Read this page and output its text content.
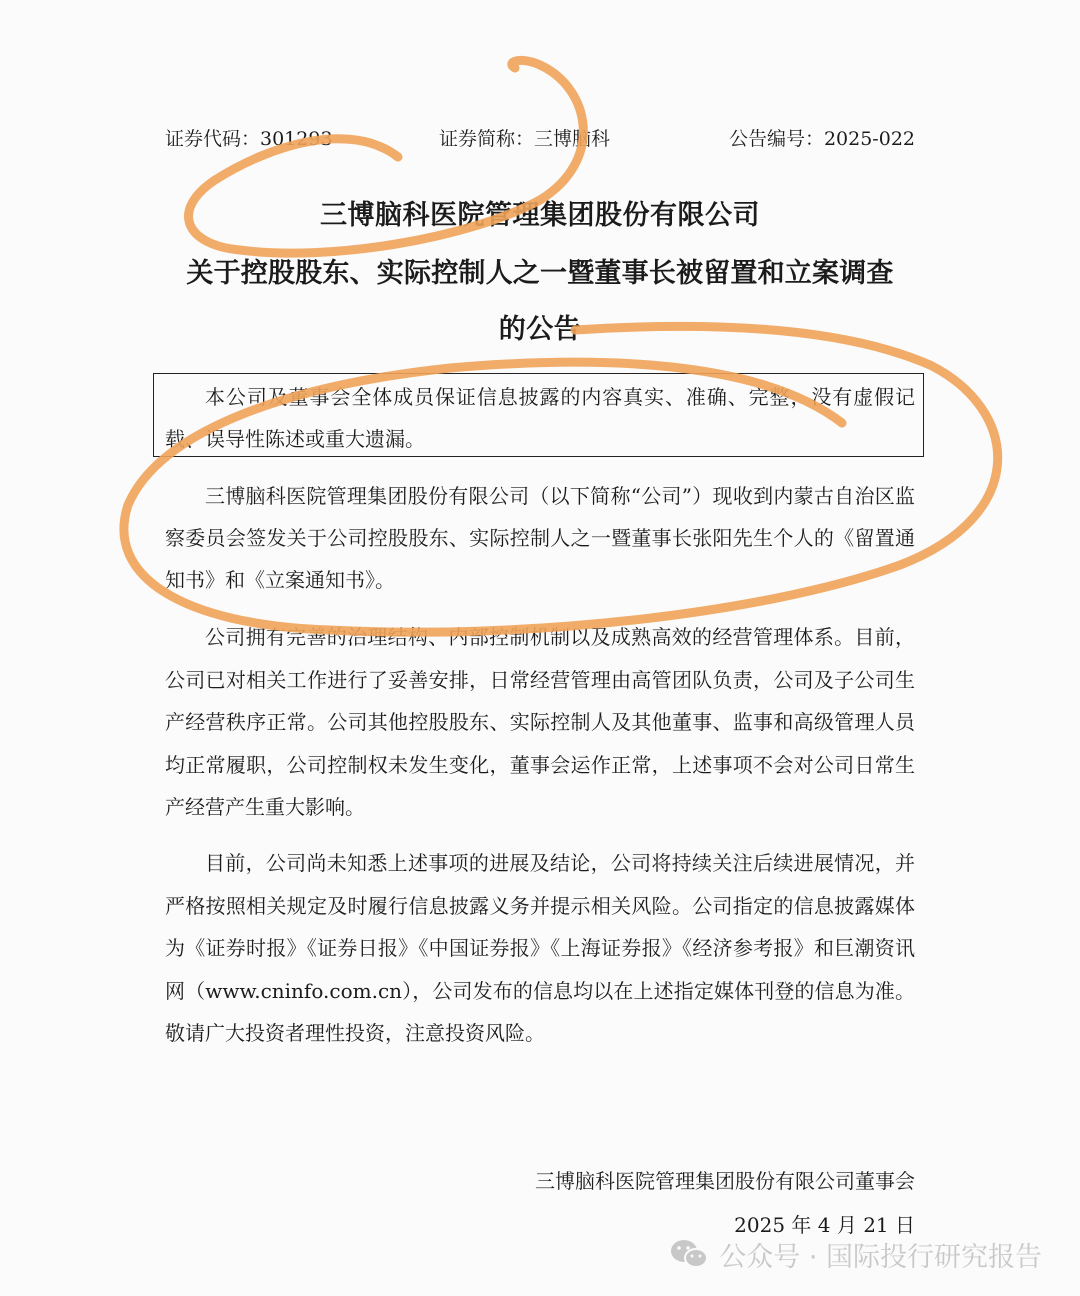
证券代码：301293	证券简称：三博脑科	公告编号：2025-022
三博脑科医院管理集团股份有限公司
关于控股股东、实际控制人之一暨董事长被留置和立案调查
的公告
本公司及董事会全体成员保证信息披露的内容真实、准确、完整，没有虚假记载、误导性陈述或重大遗漏。
三博脑科医院管理集团股份有限公司（以下简称“公司”）现收到内蒙古自治区监察委员会签发关于公司控股股东、实际控制人之一暨董事长张阳先生个人的《留置通知书》和《立案通知书》。
公司拥有完善的治理结构、内部控制机制以及成熟高效的经营管理体系。目前，公司已对相关工作进行了妥善安排，日常经营管理由高管团队负责，公司及子公司生产经营秩序正常。公司其他控股股东、实际控制人及其他董事、监事和高级管理人员均正常履职，公司控制权未发生变化，董事会运作正常，上述事项不会对公司日常生产经营产生重大影响。
目前，公司尚未知悉上述事项的进展及结论，公司将持续关注后续进展情况，并严格按照相关规定及时履行信息披露义务并提示相关风险。公司指定的信息披露媒体为《证券时报》《证券日报》《中国证券报》《上海证券报》《经济参考报》和巨潮资讯网（www.cninfo.com.cn），公司发布的信息均以在上述指定媒体刊登的信息为准。敬请广大投资者理性投资，注意投资风险。
三博脑科医院管理集团股份有限公司董事会
2025 年 4 月 21 日
公众号 · 国际投行研究报告
